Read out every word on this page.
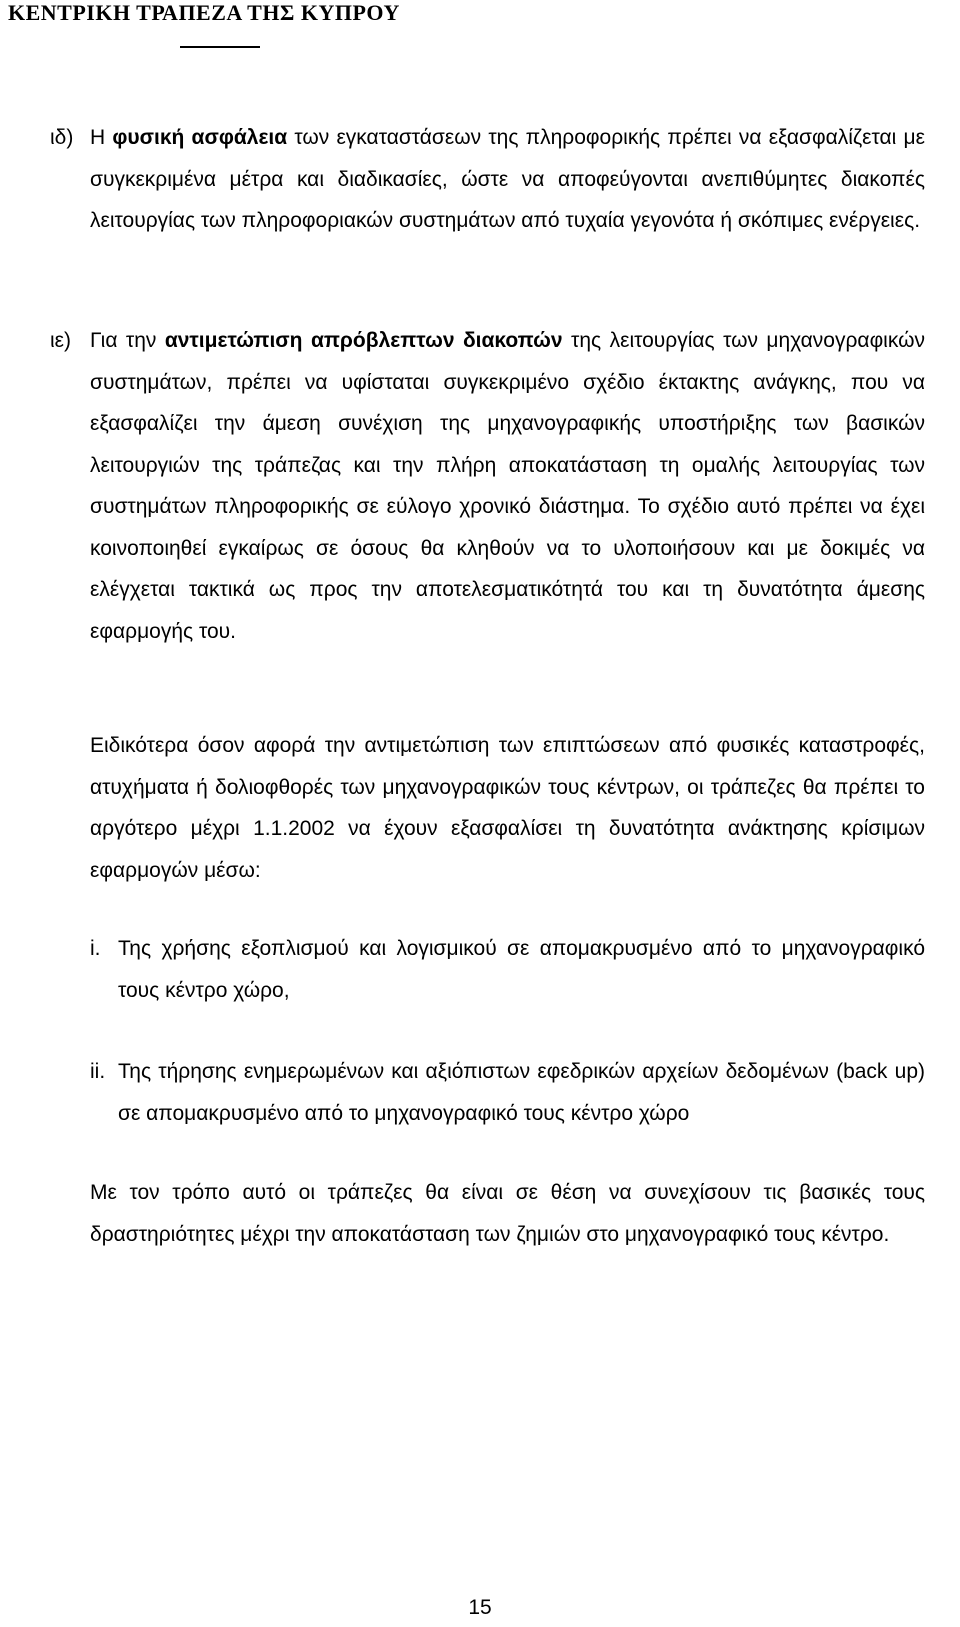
ΚΕΝΤΡΙΚΗ ΤΡΑΠΕΖΑ ΤΗΣ ΚΥΠΡΟΥ
ιδ) Η φυσική ασφάλεια των εγκαταστάσεων της πληροφορικής πρέπει να εξασφαλίζεται με συγκεκριμένα μέτρα και διαδικασίες, ώστε να αποφεύγονται ανεπιθύμητες διακοπές λειτουργίας των πληροφοριακών συστημάτων από τυχαία γεγονότα ή σκόπιμες ενέργειες.

ιε) Για την αντιμετώπιση απρόβλεπτων διακοπών της λειτουργίας των μηχανογραφικών συστημάτων, πρέπει να υφίσταται συγκεκριμένο σχέδιο έκτακτης ανάγκης, που να εξασφαλίζει την άμεση συνέχιση της μηχανογραφικής υποστήριξης των βασικών λειτουργιών της τράπεζας και την πλήρη αποκατάσταση τη ομαλής λειτουργίας των συστημάτων πληροφορικής σε εύλογο χρονικό διάστημα. Το σχέδιο αυτό πρέπει να έχει κοινοποιηθεί εγκαίρως σε όσους θα κληθούν να το υλοποιήσουν και με δοκιμές να ελέγχεται τακτικά ως προς την αποτελεσματικότητά του και τη δυνατότητα άμεσης εφαρμογής του.

Ειδικότερα όσον αφορά την αντιμετώπιση των επιπτώσεων από φυσικές καταστροφές, ατυχήματα ή δολιοφθορές των μηχανογραφικών τους κέντρων, οι τράπεζες θα πρέπει το αργότερο μέχρι 1.1.2002 να έχουν εξασφαλίσει τη δυνατότητα ανάκτησης κρίσιμων εφαρμογών μέσω:

i. Της χρήσης εξοπλισμού και λογισμικού σε απομακρυσμένο από το μηχανογραφικό τους κέντρο χώρο,

ii. Της τήρησης ενημερωμένων και αξιόπιστων εφεδρικών αρχείων δεδομένων (back up) σε απομακρυσμένο από το μηχανογραφικό τους κέντρο χώρο

Με τον τρόπο αυτό οι τράπεζες θα είναι σε θέση να συνεχίσουν τις βασικές τους δραστηριότητες μέχρι την αποκατάσταση των ζημιών στο μηχανογραφικό τους κέντρο.

15
